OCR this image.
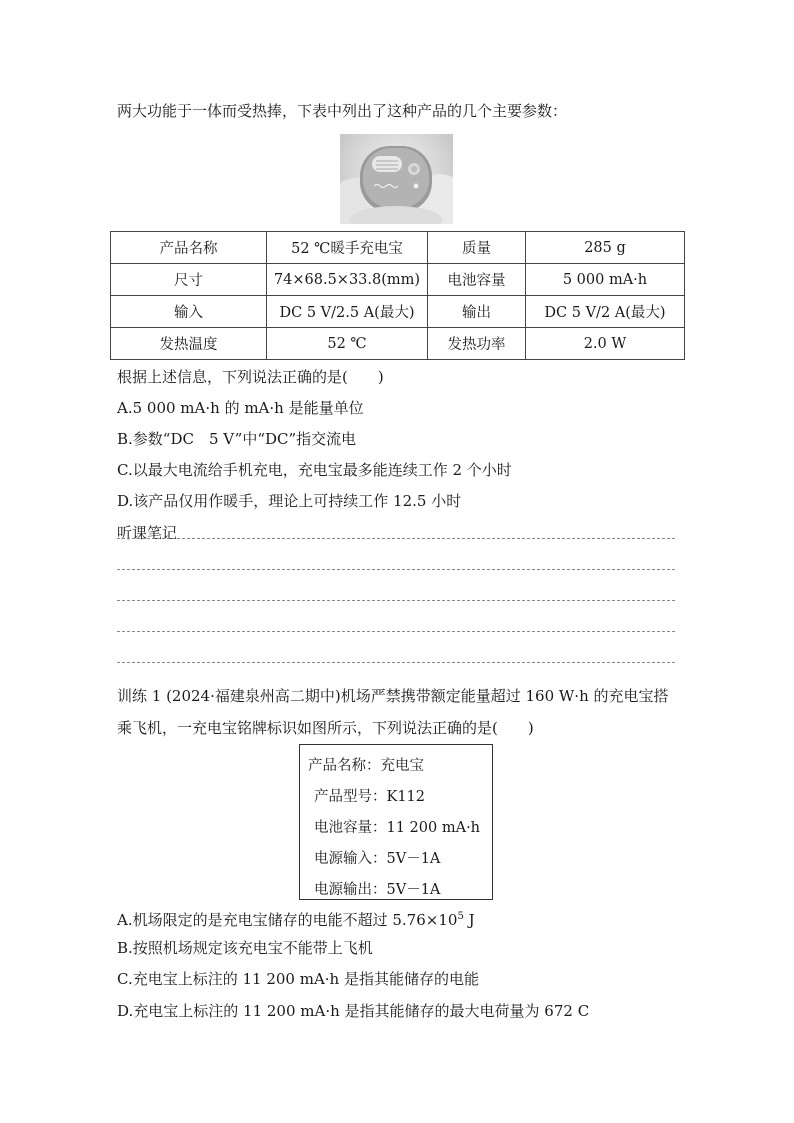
两大功能于一体而受热捧，下表中列出了这种产品的几个主要参数：
产品名称	52 ℃暖手充电宝	质量	285 g
尺寸	74×68.5×33.8(mm)	电池容量	5 000 mA·h
输入	DC 5 V/2.5 A(最大)	输出	DC 5 V/2 A(最大)
发热温度	52 ℃	发热功率	2.0 W
根据上述信息，下列说法正确的是(　　)
A.5 000 mA·h 的 mA·h 是能量单位
B.参数“DC　5 V”中“DC”指交流电
C.以最大电流给手机充电，充电宝最多能连续工作 2 个小时
D.该产品仅用作暖手，理论上可持续工作 12.5 小时
听课笔记
训练 1 (2024·福建泉州高二期中)机场严禁携带额定能量超过 160 W·h 的充电宝搭
乘飞机，一充电宝铭牌标识如图所示，下列说法正确的是(　　)
产品名称：充电宝
产品型号：K112
电池容量：11 200 mA·h
电源输入：5V－1A
电源输出：5V－1A
A.机场限定的是充电宝储存的电能不超过 $5.76\times 10^5$ J
B.按照机场规定该充电宝不能带上飞机
C.充电宝上标注的 11 200 mA·h 是指其能储存的电能
D.充电宝上标注的 11 200 mA·h 是指其能储存的最大电荷量为 672 C
